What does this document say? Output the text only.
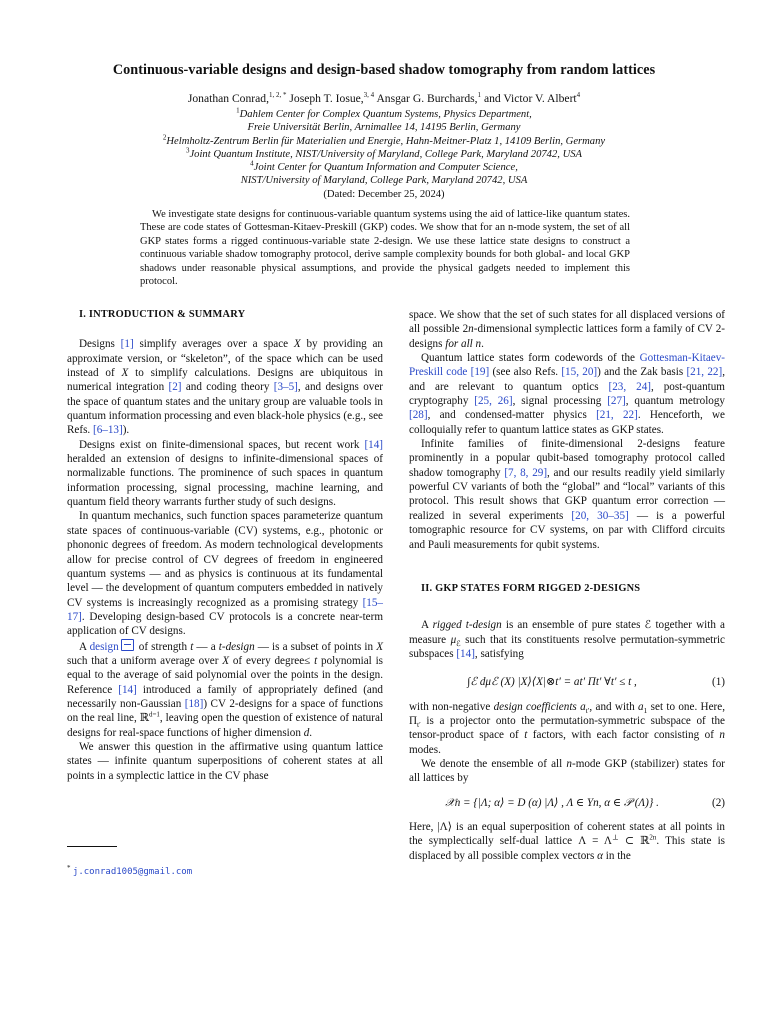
Continuous-variable designs and design-based shadow tomography from random lattices
Jonathan Conrad,$^{1, 2, *}$ Joseph T. Iosue,$^{3, 4}$ Ansgar G. Burchards,$^1$ and Victor V. Albert$^4$
$^1$Dahlem Center for Complex Quantum Systems, Physics Department,
Freie Universität Berlin, Arnimallee 14, 14195 Berlin, Germany
$^2$Helmholtz-Zentrum Berlin für Materialien und Energie, Hahn-Meitner-Platz 1, 14109 Berlin, Germany
$^3$Joint Quantum Institute, NIST/University of Maryland, College Park, Maryland 20742, USA
$^4$Joint Center for Quantum Information and Computer Science,
NIST/University of Maryland, College Park, Maryland 20742, USA
(Dated: December 25, 2024)
We investigate state designs for continuous-variable quantum systems using the aid of lattice-like quantum states. These are code states of Gottesman-Kitaev-Preskill (GKP) codes. We show that for an n-mode system, the set of all GKP states forms a rigged continuous-variable state 2-design. We use these lattice state designs to construct a continuous variable shadow tomography protocol, derive sample complexity bounds for both global- and local GKP shadows under reasonable physical assumptions, and provide the physical gadgets needed to implement this protocol.

I. INTRODUCTION & SUMMARY

Designs [1] simplify averages over a space X by providing an approximate version, or “skeleton”, of the space which can be used instead of X to simplify calculations. Designs are ubiquitous in numerical integration [2] and coding theory [3–5], and designs over the space of quantum states and the unitary group are valuable tools in quantum information processing and even black-hole physics (e.g., see Refs. [6–13]).

Designs exist on finite-dimensional spaces, but recent work [14] heralded an extension of designs to infinite-dimensional spaces of normalizable functions. The prominence of such spaces in quantum information processing, signal processing, machine learning, and quantum field theory warrants further study of such designs.

In quantum mechanics, such function spaces parameterize quantum state spaces of continuous-variable (CV) systems, e.g., photonic or phononic degrees of freedom. As modern technological developments allow for precise control of CV degrees of freedom in engineered quantum systems — and as physics is continuous at its fundamental level — the development of quantum computers embedded in natively CV systems is increasingly recognized as a promising strategy [15–17]. Developing design-based CV protocols is a concrete near-term application of CV designs.

A design of strength t — a t-design — is a subset of points in X such that a uniform average over X of every degree≤ t polynomial is equal to the average of said polynomial over the points in the design. Reference [14] introduced a family of appropriately defined (and necessarily non-Gaussian [18]) CV 2-designs for a space of functions on the real line, ℝ$^{d=1}$, leaving open the question of existence of natural designs for real-space functions of higher dimension d.

We answer this question in the affirmative using quantum lattice states — infinite quantum superpositions of coherent states at all points in a symplectic lattice in the CV phase

space. We show that the set of such states for all displaced versions of all possible 2n-dimensional symplectic lattices form a family of CV 2-designs for all n.

Quantum lattice states form codewords of the Gottesman-Kitaev-Preskill code [19] (see also Refs. [15, 20]) and the Zak basis [21, 22], and are relevant to quantum optics [23, 24], post-quantum cryptography [25, 26], signal processing [27], quantum metrology [28], and condensed-matter physics [21, 22]. Henceforth, we colloquially refer to quantum lattice states as GKP states.

Infinite families of finite-dimensional 2-designs feature prominently in a popular qubit-based tomography protocol called shadow tomography [7, 8, 29], and our results readily yield similarly powerful CV variants of both the “global” and “local” variants of this protocol. This result shows that GKP quantum error correction — realized in several experiments [20, 30–35] — is a powerful tomographic resource for CV systems, on par with Clifford circuits and Pauli measurements for qubit systems.

II. GKP STATES FORM RIGGED 2-DESIGNS

A rigged t-design is an ensemble of pure states ℰ together with a measure $\mu_ℰ$ such that its constituents resolve permutation-symmetric subspaces [14], satisfying

∫ℰ dμℰ (X) |X⟩⟨X|⊗t′ = at′ Πt′ ∀t′ ≤ t ,	(1)

with non-negative design coefficients $a_{t'}$, and with $a_1$ set to one. Here, $\Pi_{t'}$ is a projector onto the permutation-symmetric subspace of the tensor-product space of t factors, with each factor consisting of n modes.

We denote the ensemble of all n-mode GKP (stabilizer) states for all lattices by

𝒳n = {|Λ; α⟩ = D (α) |Λ⟩ , Λ ∈ Yn, α ∈ 𝒫 (Λ)} .	(2)

Here, |Λ⟩ is an equal superposition of coherent states at all points in the symplectically self-dual lattice Λ = Λ⊥ ⊂ ℝ$^{2n}$. This state is displaced by all possible complex vectors α in the

* j.conrad1005@gmail.com
